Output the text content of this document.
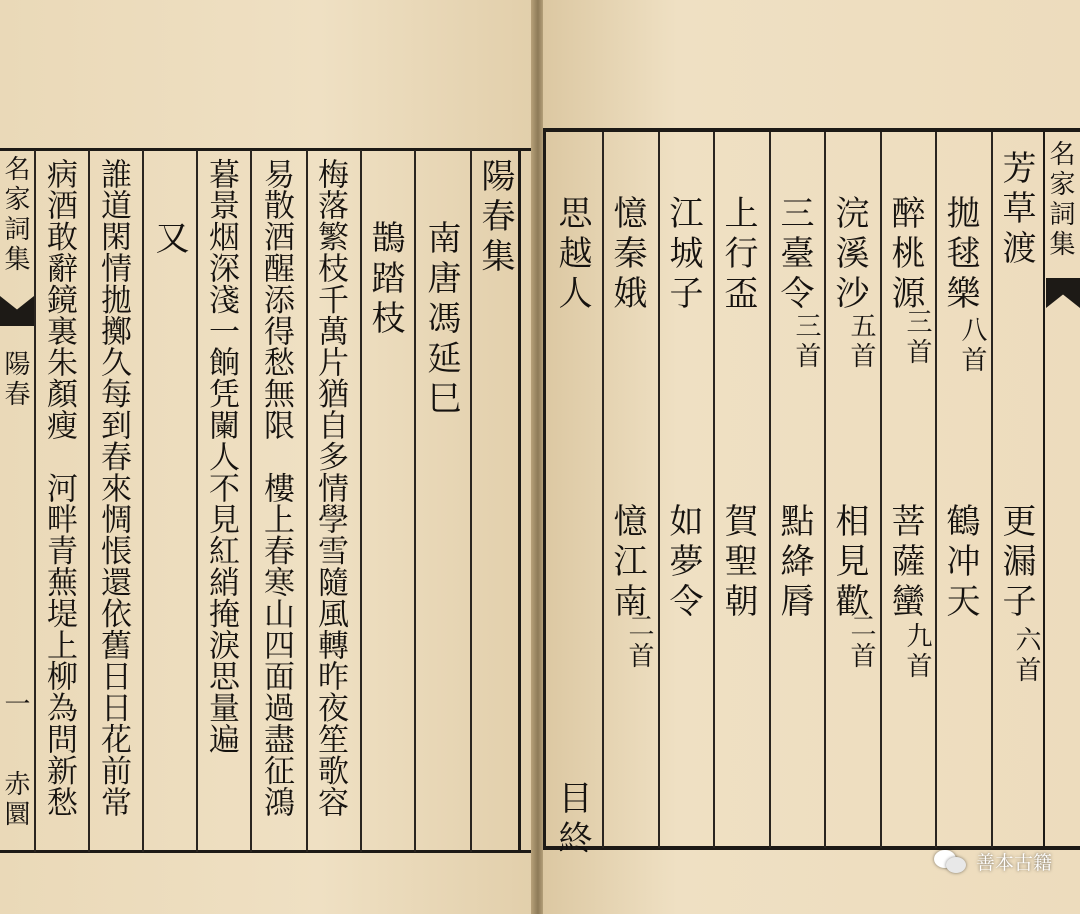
陽春集
南唐馮延巳
鵲踏枝
梅落繁枝千萬片猶自多情學雪隨風轉昨夜笙歌容
易散酒醒添得愁無限　樓上春寒山四面過盡征鴻
暮景烟深淺一餉凭闌人不見紅綃掩淚思量遍
又
誰道閑情拋擲久每到春來惆悵還依舊日日花前常
病酒敢辭鏡裏朱顏瘦　河畔青蕪堤上柳為問新愁
名家詞集
陽春
一
赤圜
名家詞集
芳草渡
更漏子
六首
拋毬樂
八首
鶴冲天
醉桃源
三首
菩薩蠻
九首
浣溪沙
五首
相見歡
二首
三臺令
三首
點絳脣
上行盃
賀聖朝
江城子
如夢令
憶秦娥
憶江南
二首
思越人
目終
善本古籍
